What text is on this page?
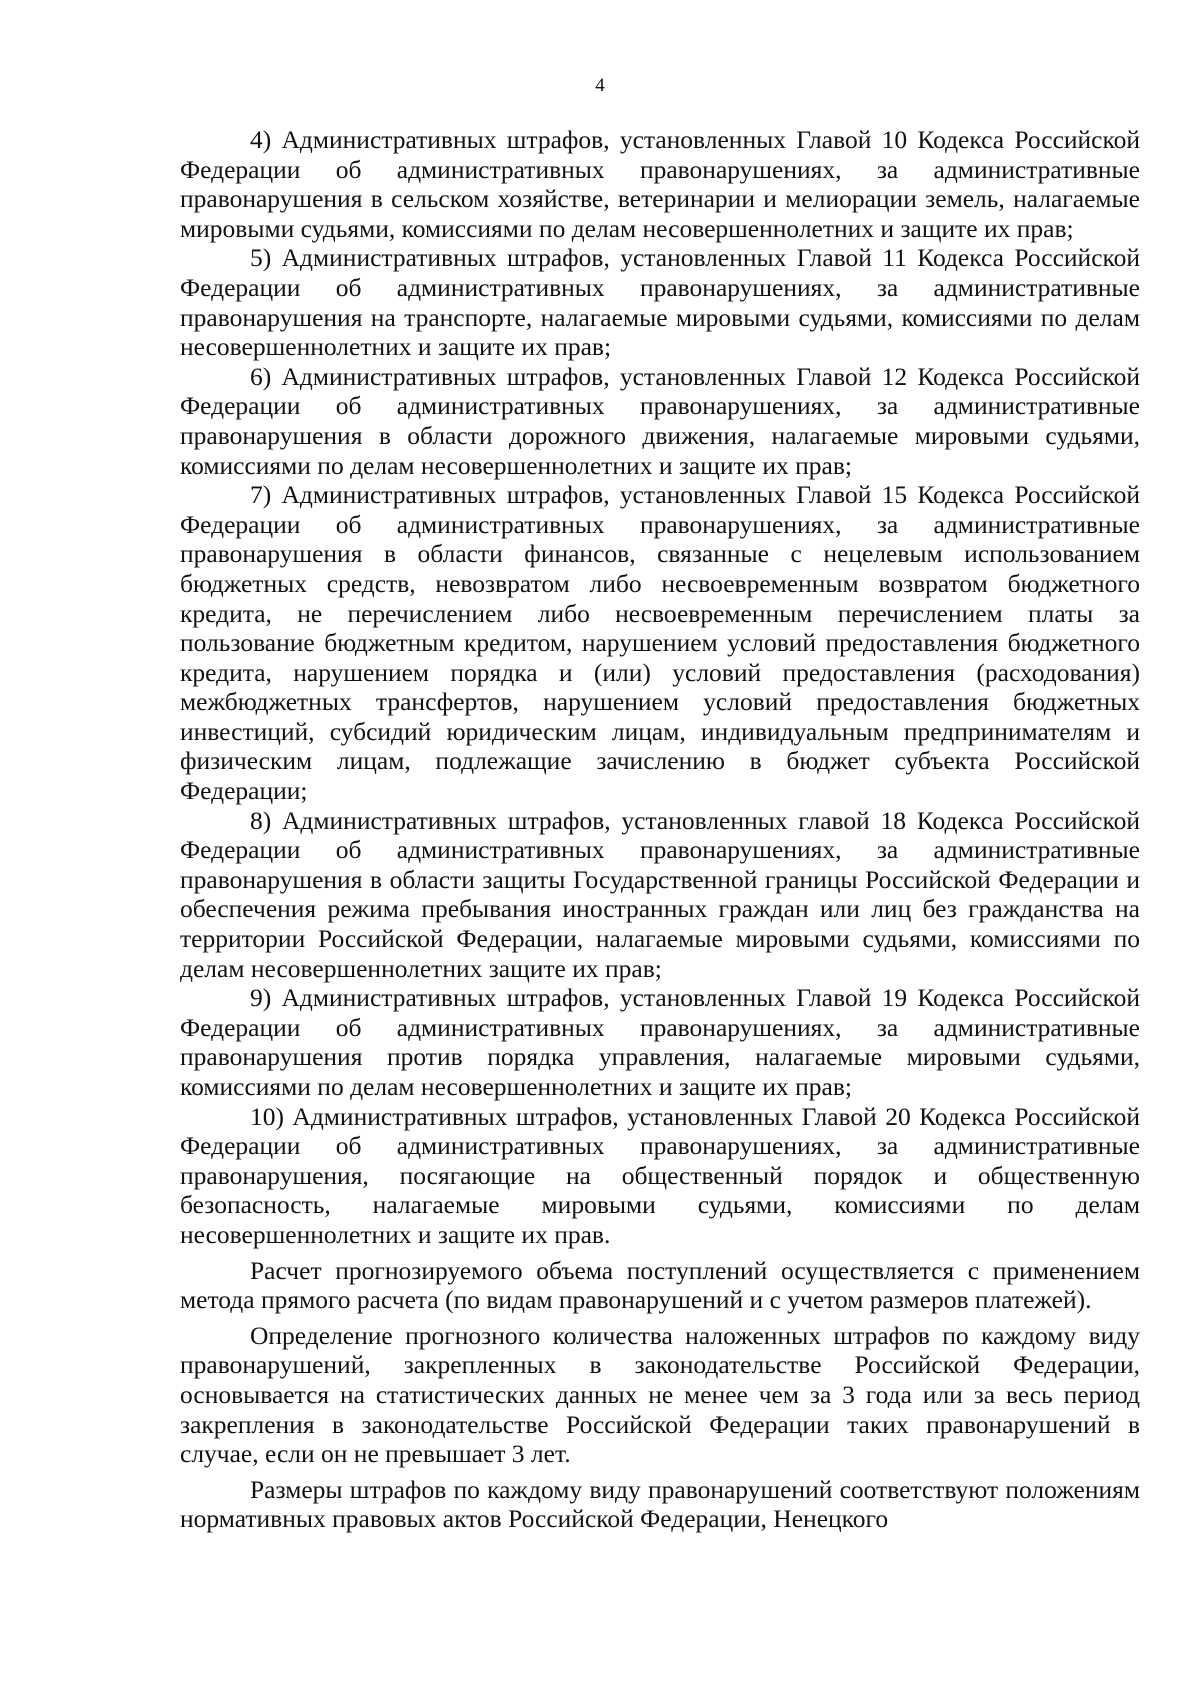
4

4) Административных штрафов, установленных Главой 10 Кодекса Российской Федерации об административных правонарушениях, за административные правонарушения в сельском хозяйстве, ветеринарии и мелиорации земель, налагаемые мировыми судьями, комиссиями по делам несовершеннолетних и защите их прав;

5) Административных штрафов, установленных Главой 11 Кодекса Российской Федерации об административных правонарушениях, за административные правонарушения на транспорте, налагаемые мировыми судьями, комиссиями по делам несовершеннолетних и защите их прав;

6) Административных штрафов, установленных Главой 12 Кодекса Российской Федерации об административных правонарушениях, за административные правонарушения в области дорожного движения, налагаемые мировыми судьями, комиссиями по делам несовершеннолетних и защите их прав;

7) Административных штрафов, установленных Главой 15 Кодекса Российской Федерации об административных правонарушениях, за административные правонарушения в области финансов, связанные с нецелевым использованием бюджетных средств, невозвратом либо несвоевременным возвратом бюджетного кредита, не перечислением либо несвоевременным перечислением платы за пользование бюджетным кредитом, нарушением условий предоставления бюджетного кредита, нарушением порядка и (или) условий предоставления (расходования) межбюджетных трансфертов, нарушением условий предоставления бюджетных инвестиций, субсидий юридическим лицам, индивидуальным предпринимателям и физическим лицам, подлежащие зачислению в бюджет субъекта Российской Федерации;

8) Административных штрафов, установленных главой 18 Кодекса Российской Федерации об административных правонарушениях, за административные правонарушения в области защиты Государственной границы Российской Федерации и обеспечения режима пребывания иностранных граждан или лиц без гражданства на территории Российской Федерации, налагаемые мировыми судьями, комиссиями по делам несовершеннолетних защите их прав;

9) Административных штрафов, установленных Главой 19 Кодекса Российской Федерации об административных правонарушениях, за административные правонарушения против порядка управления, налагаемые мировыми судьями, комиссиями по делам несовершеннолетних и защите их прав;

10) Административных штрафов, установленных Главой 20 Кодекса Российской Федерации об административных правонарушениях, за административные правонарушения, посягающие на общественный порядок и общественную безопасность, налагаемые мировыми судьями, комиссиями по делам несовершеннолетних и защите их прав.

Расчет прогнозируемого объема поступлений осуществляется с применением метода прямого расчета (по видам правонарушений и с учетом размеров платежей).

Определение прогнозного количества наложенных штрафов по каждому виду правонарушений, закрепленных в законодательстве Российской Федерации, основывается на статистических данных не менее чем за 3 года или за весь период закрепления в законодательстве Российской Федерации таких правонарушений в случае, если он не превышает 3 лет.

Размеры штрафов по каждому виду правонарушений соответствуют положениям нормативных правовых актов Российской Федерации, Ненецкого
